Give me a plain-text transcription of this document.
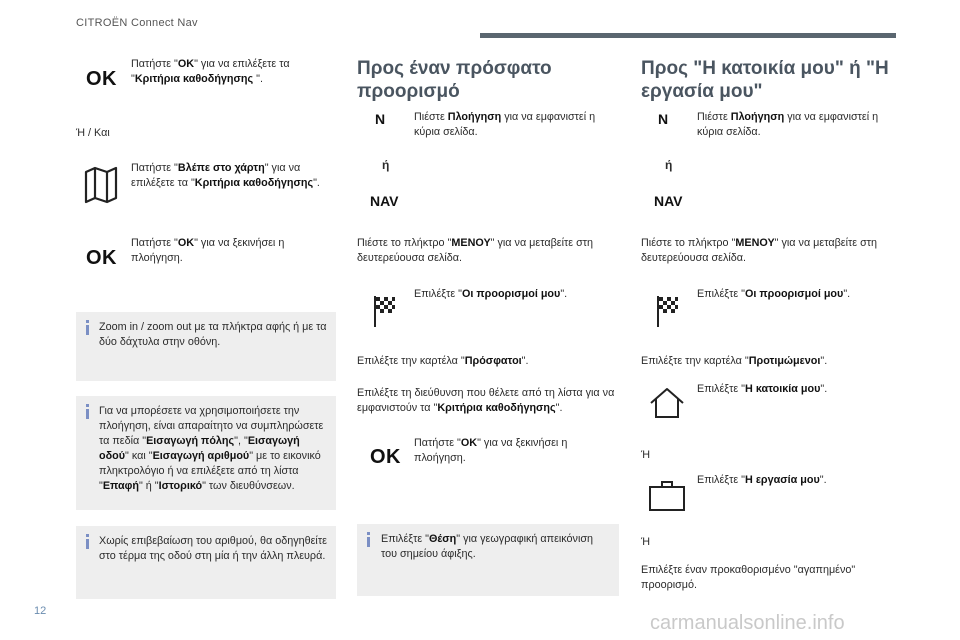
CITROËN Connect Nav
OK
Πατήστε "OK" για να επιλέξετε τα "Κριτήρια καθοδήγησης ".
Ή / Και
Πατήστε "Βλέπε στο χάρτη" για να επιλέξετε τα "Κριτήρια καθοδήγησης".
OK
Πατήστε "OK" για να ξεκινήσει η πλοήγηση.
Zoom in / zoom out με τα πλήκτρα αφής ή με τα δύο δάχτυλα στην οθόνη.
Για να μπορέσετε να χρησιμοποιήσετε την πλοήγηση, είναι απαραίτητο να συμπληρώσετε τα πεδία "Εισαγωγή πόλης", "Εισαγωγή οδού" και "Εισαγωγή αριθμού" με το εικονικό πληκτρολόγιο ή να επιλέξετε από τη λίστα "Επαφή" ή "Ιστορικό" των διευθύνσεων.
Χωρίς επιβεβαίωση του αριθμού, θα οδηγηθείτε στο τέρμα της οδού στη μία ή την άλλη πλευρά.
Προς έναν πρόσφατο προορισμό
N
ή
NAV
Πιέστε Πλοήγηση για να εμφανιστεί η κύρια σελίδα.
Πιέστε το πλήκτρο "ΜΕΝΟΥ" για να μεταβείτε στη δευτερεύουσα σελίδα.
Επιλέξτε "Οι προορισμοί μου".
Επιλέξτε την καρτέλα "Πρόσφατοι".
Επιλέξτε τη διεύθυνση που θέλετε από τη λίστα για να εμφανιστούν τα "Κριτήρια καθοδήγησης".
OK
Πατήστε "OK" για να ξεκινήσει η πλοήγηση.
Επιλέξτε "Θέση" για γεωγραφική απεικόνιση του σημείου άφιξης.
Προς "Η κατοικία μου" ή "Η εργασία μου"
N
ή
NAV
Πιέστε Πλοήγηση για να εμφανιστεί η κύρια σελίδα.
Πιέστε το πλήκτρο "ΜΕΝΟΥ" για να μεταβείτε στη δευτερεύουσα σελίδα.
Επιλέξτε "Οι προορισμοί μου".
Επιλέξτε την καρτέλα "Προτιμώμενοι".
Επιλέξτε "Η κατοικία μου".
Ή
Επιλέξτε "Η εργασία μου".
Ή
Επιλέξτε έναν προκαθορισμένο "αγαπημένο" προορισμό.
12
carmanualsonline.info
